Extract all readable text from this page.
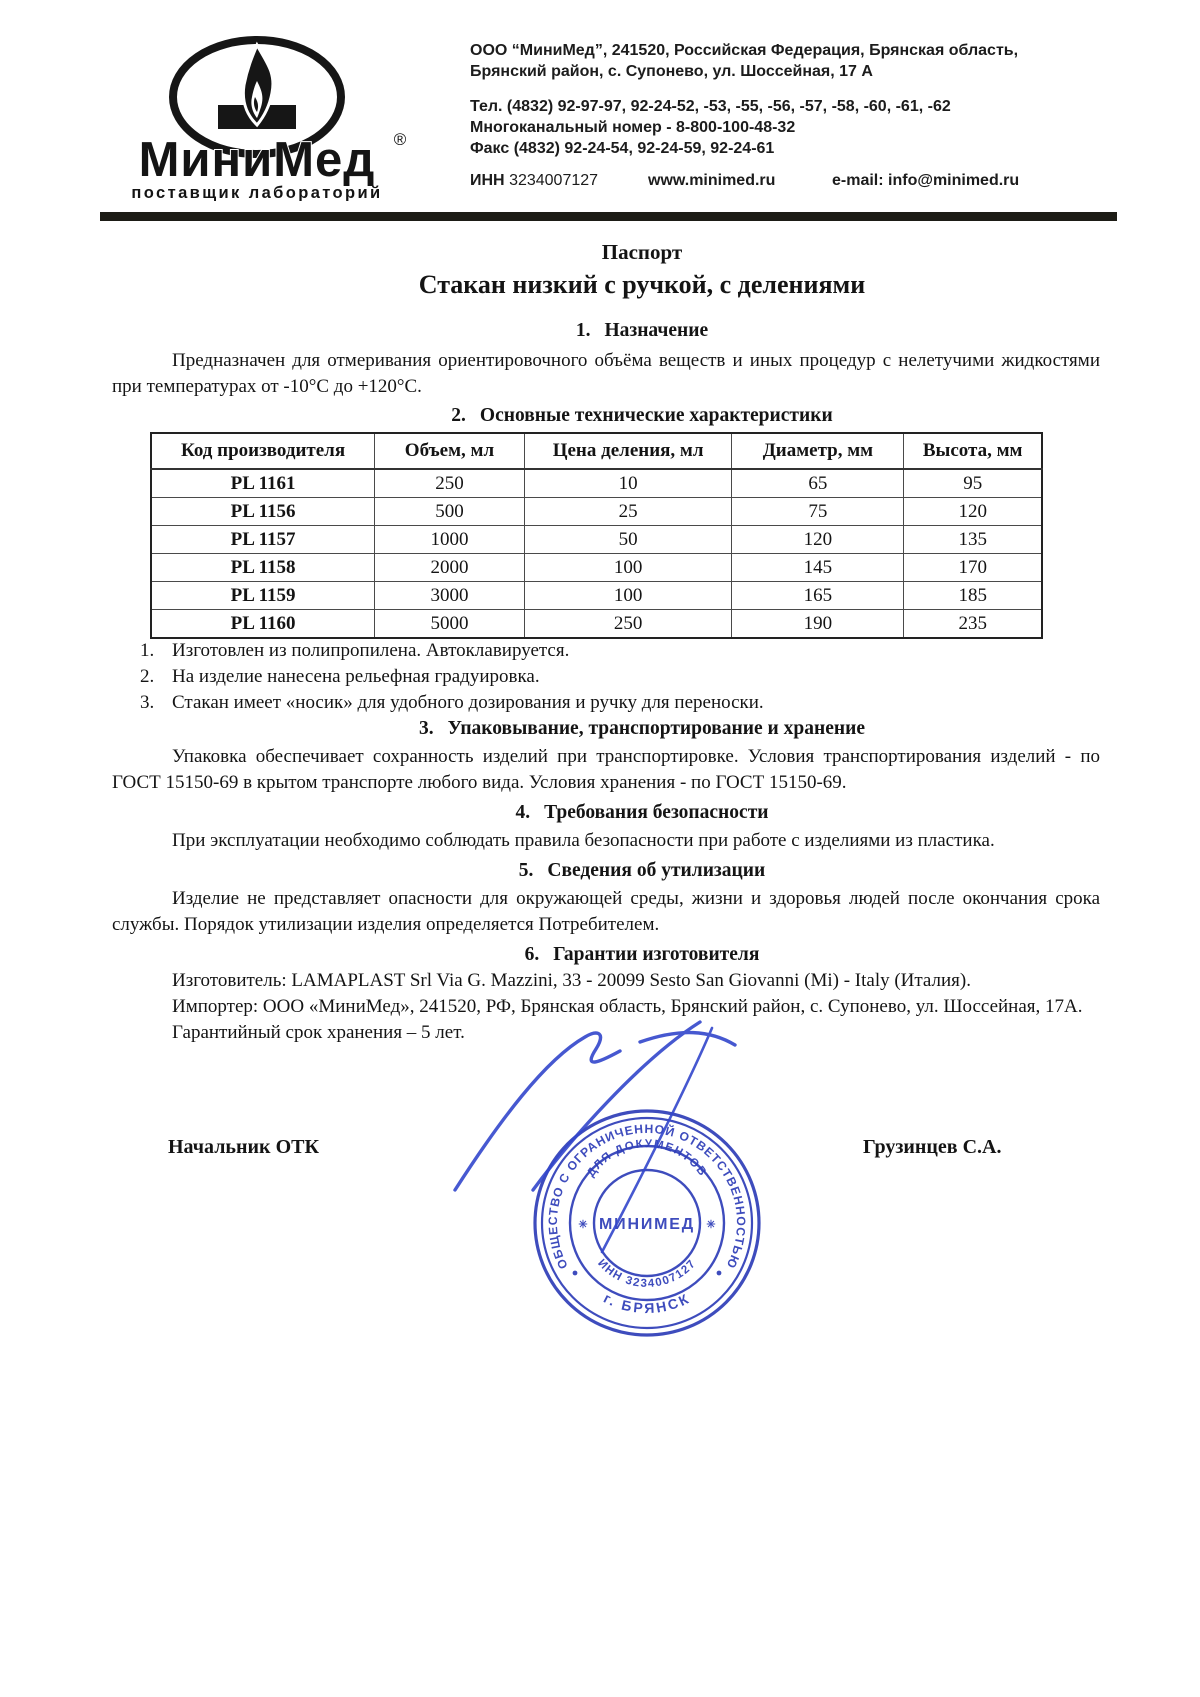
МиниМед ®
поставщик лабораторий
ООО “МиниМед”, 241520, Российская Федерация, Брянская область,
Брянский район, с. Супонево, ул. Шоссейная, 17 А
Тел. (4832) 92-97-97, 92-24-52, -53, -55, -56, -57, -58, -60, -61, -62
Многоканальный номер - 8-800-100-48-32
Факс (4832) 92-24-54, 92-24-59, 92-24-61
ИНН 3234007127	www.minimed.ru	e-mail: info@minimed.ru
Паспорт
Стакан низкий с ручкой, с делениями
1. Назначение

Предназначен для отмеривания ориентировочного объёма веществ и иных процедур с нелетучими жидкостями при температурах от -10°С до +120°С.

2. Основные технические характеристики
Код производителя	Объем, мл	Цена деления, мл	Диаметр, мм	Высота, мм
PL 1161	250	10	65	95
PL 1156	500	25	75	120
PL 1157	1000	50	120	135
PL 1158	2000	100	145	170
PL 1159	3000	100	165	185
PL 1160	5000	250	190	235
1. Изготовлен из полипропилена. Автоклавируется.
2. На изделие нанесена рельефная градуировка.
3. Стакан имеет «носик» для удобного дозирования и ручку для переноски.
3. Упаковывание, транспортирование и хранение

Упаковка обеспечивает сохранность изделий при транспортировке. Условия транспортирования изделий - по ГОСТ 15150-69 в крытом транспорте любого вида. Условия хранения - по ГОСТ 15150-69.

4. Требования безопасности

При эксплуатации необходимо соблюдать правила безопасности при работе с изделиями из пластика.

5. Сведения об утилизации

Изделие не представляет опасности для окружающей среды, жизни и здоровья людей после окончания срока службы. Порядок утилизации изделия определяется Потребителем.

6. Гарантии изготовителя

Изготовитель: LAMAPLAST Srl Via G. Mazzini, 33 - 20099 Sesto San Giovanni (Mi) - Italy (Италия).

Импортер: ООО «МиниМед», 241520, РФ, Брянская область, Брянский район, с. Супонево, ул. Шоссейная, 17А.

Гарантийный срок хранения – 5 лет.

Начальник ОТК	Грузинцев С.А.
ОБЩЕСТВО С ОГРАНИЧЕННОЙ ОТВЕТСТВЕННОСТЬЮ
г. БРЯНСК
ДЛЯ ДОКУМЕНТОВ
ИНН 3234007127
МИНИМЕД
✳	✳
